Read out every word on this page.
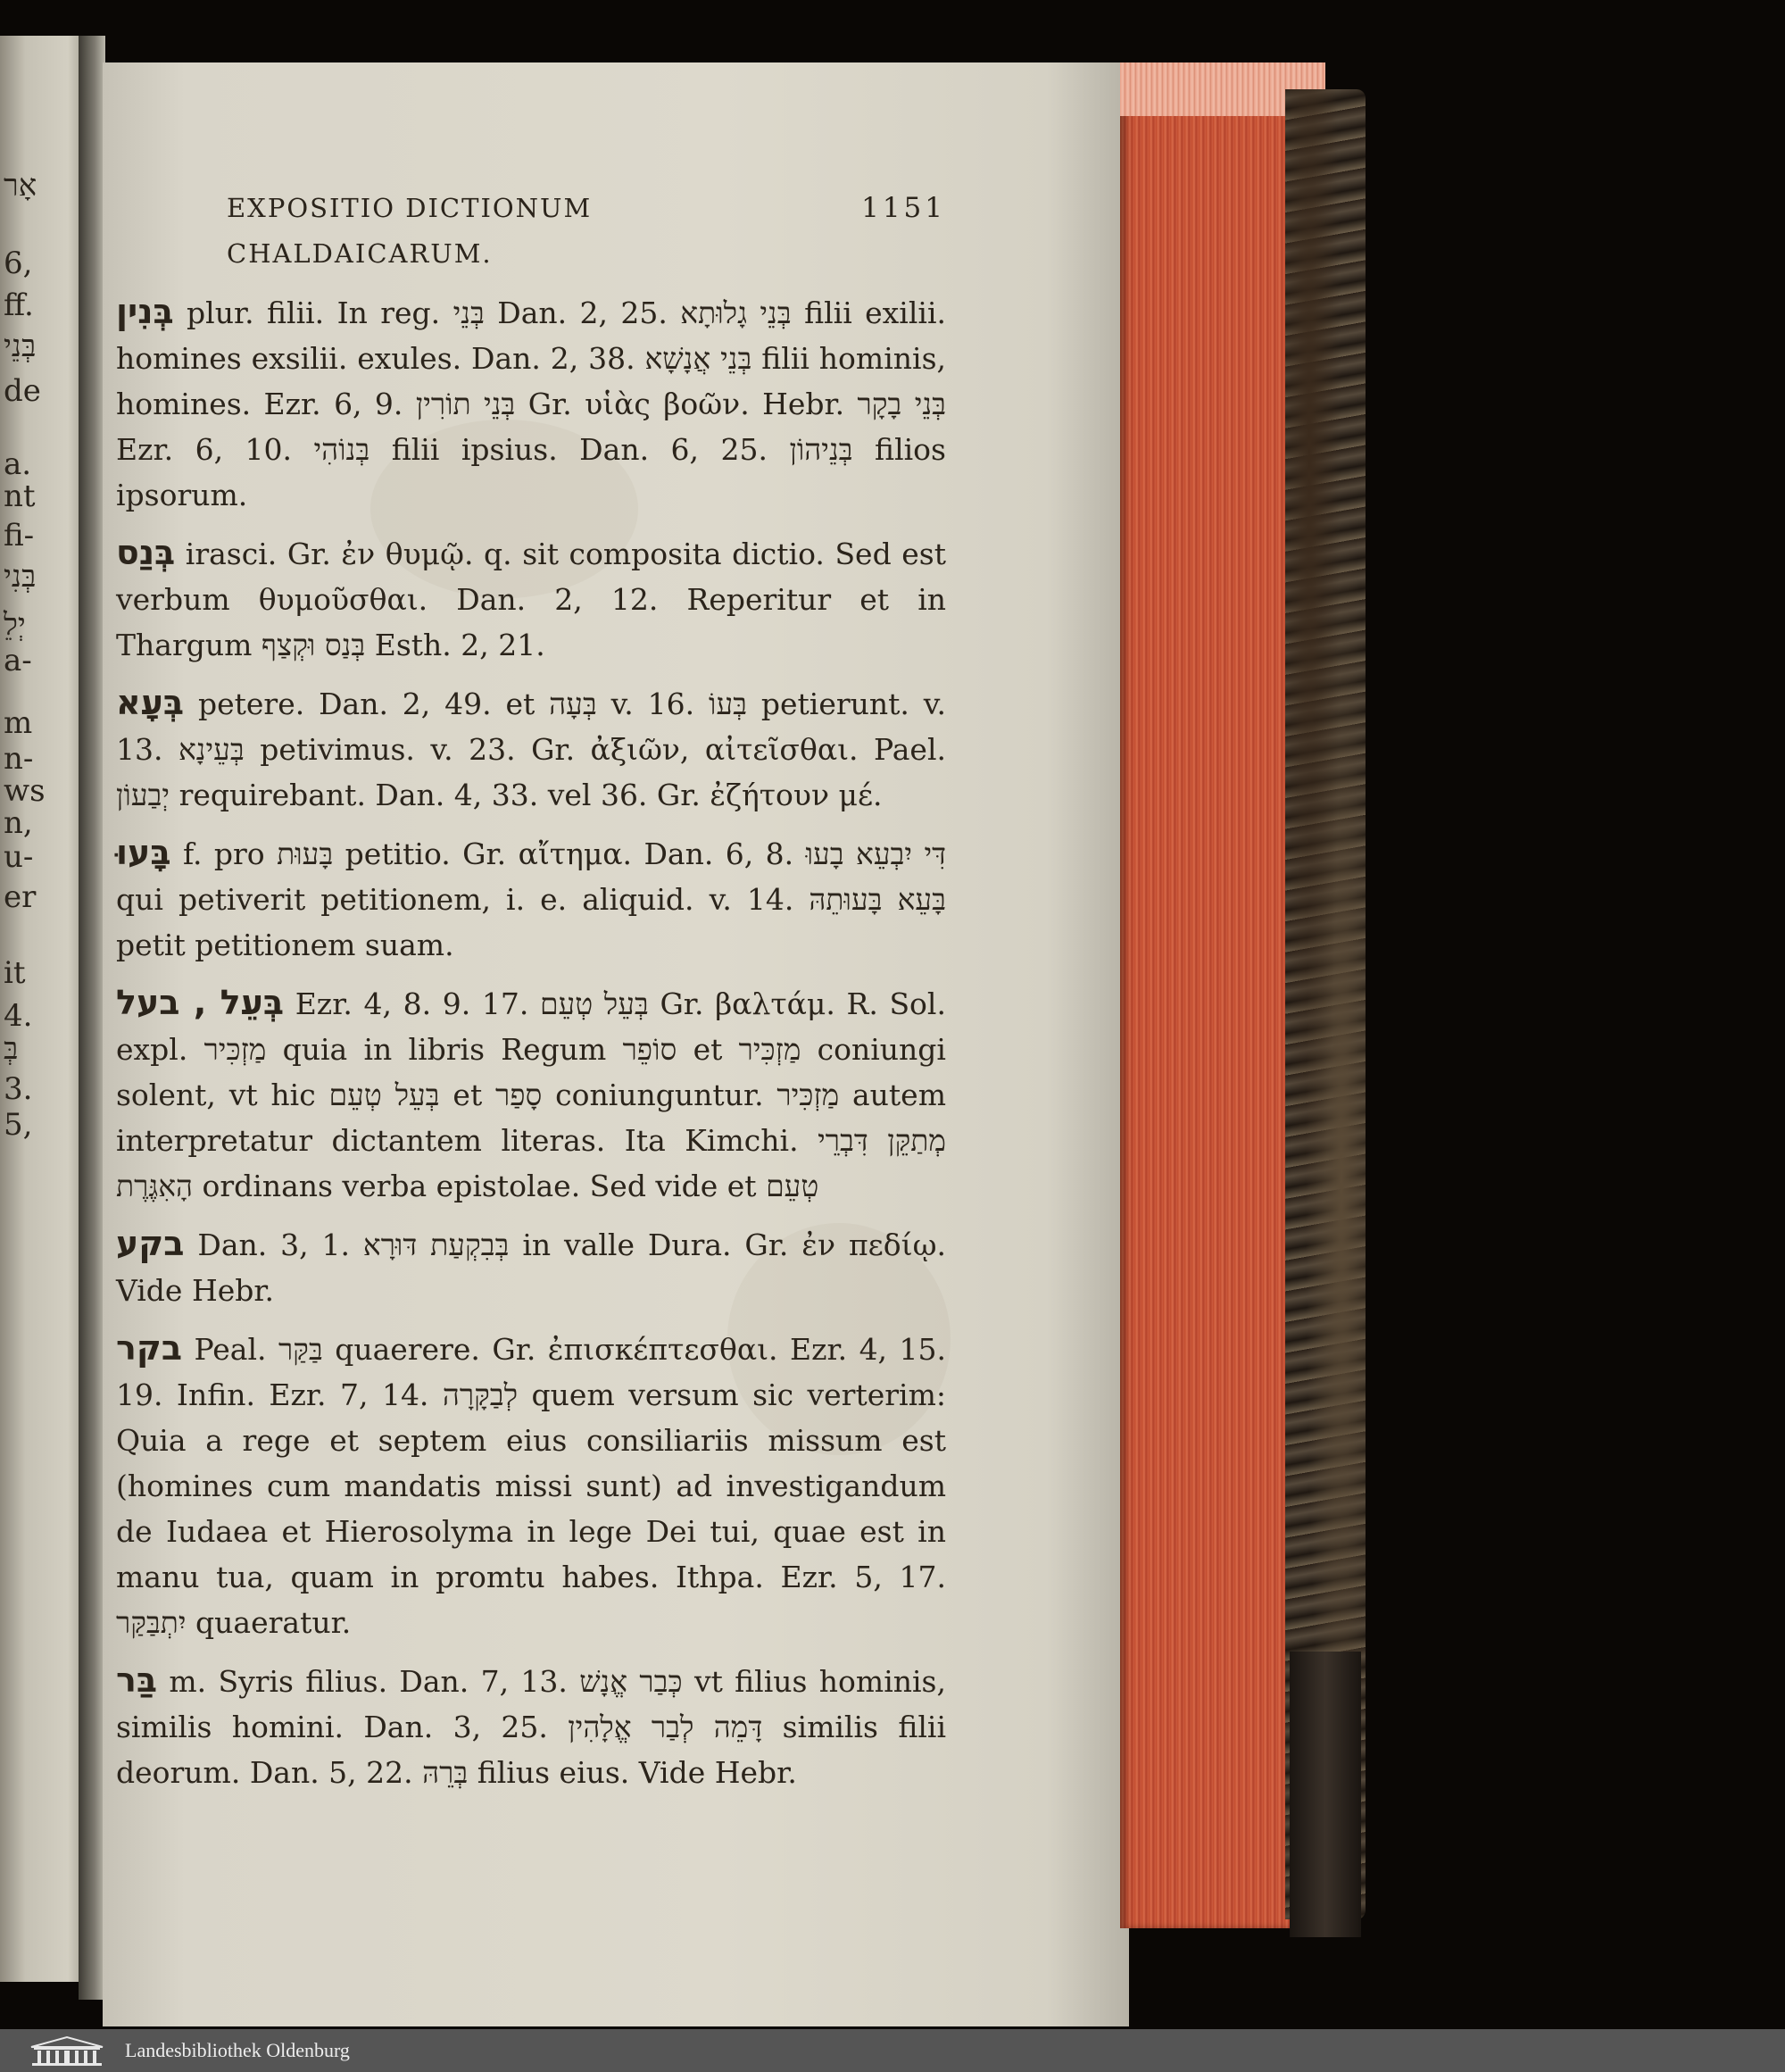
אָר
6,
ff.
בְּנֵי
de
a.
nt
fi-
בְּנִי
יְלֵ
a-
m
n-
ws
n,
u-
er
it
4.
בְּ
3.
5,
EXPOSITIO DICTIONUM CHALDAICARUM.
1151
בְּנִין plur. filii. In reg. בְּנֵי Dan. 2, 25. בְּנֵי גָלוּתָא filii exilii. homines exsilii. exules. Dan. 2, 38. בְּנֵי אֲנָשָׁא filii hominis, homines. Ezr. 6, 9. בְּנֵי תוֹרִין Gr. υἱὰς βοῶν. Hebr. בְּנֵי בָקָר Ezr. 6, 10. בְּנוֹהִי filii ipsius. Dan. 6, 25. בְּנֵיהוֹן filios ipsorum.
בְּנַס irasci. Gr. ἐν θυμῷ. q. sit composita dictio. Sed est verbum θυμοῦσθαι. Dan. 2, 12. Reperitur et in Thargum בְּנַס וּקְצַף Esth. 2, 21.
בְּעָא petere. Dan. 2, 49. et בְּעָה v. 16. בְּעוֹ petierunt. v. 13. בְּעֵינָא petivimus. v. 23. Gr. ἀξιῶν, αἰτεῖσθαι. Pael. יְבַעוֹן requirebant. Dan. 4, 33. vel 36. Gr. ἐζήτουν μέ.
בָּעוּ f. pro בָּעוּת petitio. Gr. αἴτημα. Dan. 6, 8. דִּי יִבְעֵא בָעוּ qui petiverit petitionem, i. e. aliquid. v. 14. בָּעֵא בָּעוּתֵהּ petit petitionem suam.
בְּעֵל , בעל Ezr. 4, 8. 9. 17. בְּעֵל טְעֵם Gr. βαλτάμ. R. Sol. expl. מַזְכִּיר quia in libris Regum סוֹפֵר et מַזְכִּיר coniungi solent, vt hic בְּעֵל טְעֵם et סָפַר coniunguntur. מַזְכִּיר autem interpretatur dictantem literas. Ita Kimchi. מְתַקֵּן דִּבְרֵי הָאִגֶּרֶת ordinans verba epistolae. Sed vide et טְעֵם
בקע Dan. 3, 1. בְּבִקְעַת דּוּרָא in valle Dura. Gr. ἐν πεδίῳ. Vide Hebr.
בקר Peal. בַּקַּר quaerere. Gr. ἐπισκέπτεσθαι. Ezr. 4, 15. 19. Infin. Ezr. 7, 14. לְבַקָּרָה quem versum sic verterim: Quia a rege et septem eius consiliariis missum est (homines cum mandatis missi sunt) ad investigandum de Iudaea et Hierosolyma in lege Dei tui, quae est in manu tua, quam in promtu habes. Ithpa. Ezr. 5, 17. יִתְבַּקַּר quaeratur.
בַּר m. Syris filius. Dan. 7, 13. כְּבַר אֱנָשׁ vt filius hominis, similis homini. Dan. 3, 25. דָּמֵה לְבַר אֱלָהִין similis filii deorum. Dan. 5, 22. בְּרֵהּ filius eius. Vide Hebr.
Landesbibliothek Oldenburg
